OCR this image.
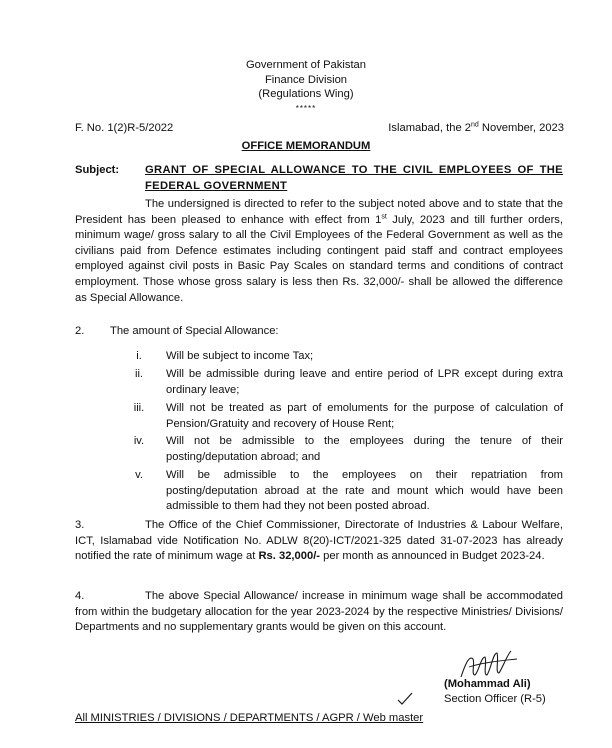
Government of Pakistan
Finance Division
(Regulations Wing)
*****
F. No. 1(2)R-5/2022	Islamabad, the 2nd November, 2023
OFFICE MEMORANDUM
Subject: GRANT OF SPECIAL ALLOWANCE TO THE CIVIL EMPLOYEES OF THE FEDERAL GOVERNMENT
The undersigned is directed to refer to the subject noted above and to state that the President has been pleased to enhance with effect from 1st July, 2023 and till further orders, minimum wage/ gross salary to all the Civil Employees of the Federal Government as well as the civilians paid from Defence estimates including contingent paid staff and contract employees employed against civil posts in Basic Pay Scales on standard terms and conditions of contract employment. Those whose gross salary is less then Rs. 32,000/- shall be allowed the difference as Special Allowance.
2. The amount of Special Allowance:
i.	Will be subject to income Tax;
ii.	Will be admissible during leave and entire period of LPR except during extra ordinary leave;
iii.	Will not be treated as part of emoluments for the purpose of calculation of Pension/Gratuity and recovery of House Rent;
iv.	Will not be admissible to the employees during the tenure of their posting/deputation abroad; and
v.	Will be admissible to the employees on their repatriation from posting/deputation abroad at the rate and mount which would have been admissible to them had they not been posted abroad.
3.	The Office of the Chief Commissioner, Directorate of Industries & Labour Welfare, ICT, Islamabad vide Notification No. ADLW 8(20)-ICT/2021-325 dated 31-07-2023 has already notified the rate of minimum wage at Rs. 32,000/- per month as announced in Budget 2023-24.
4.	The above Special Allowance/ increase in minimum wage shall be accommodated from within the budgetary allocation for the year 2023-2024 by the respective Ministries/ Divisions/ Departments and no supplementary grants would be given on this account.
(Mohammad Ali)
Section Officer (R-5)
All MINISTRIES / DIVISIONS / DEPARTMENTS / AGPR / Web master
